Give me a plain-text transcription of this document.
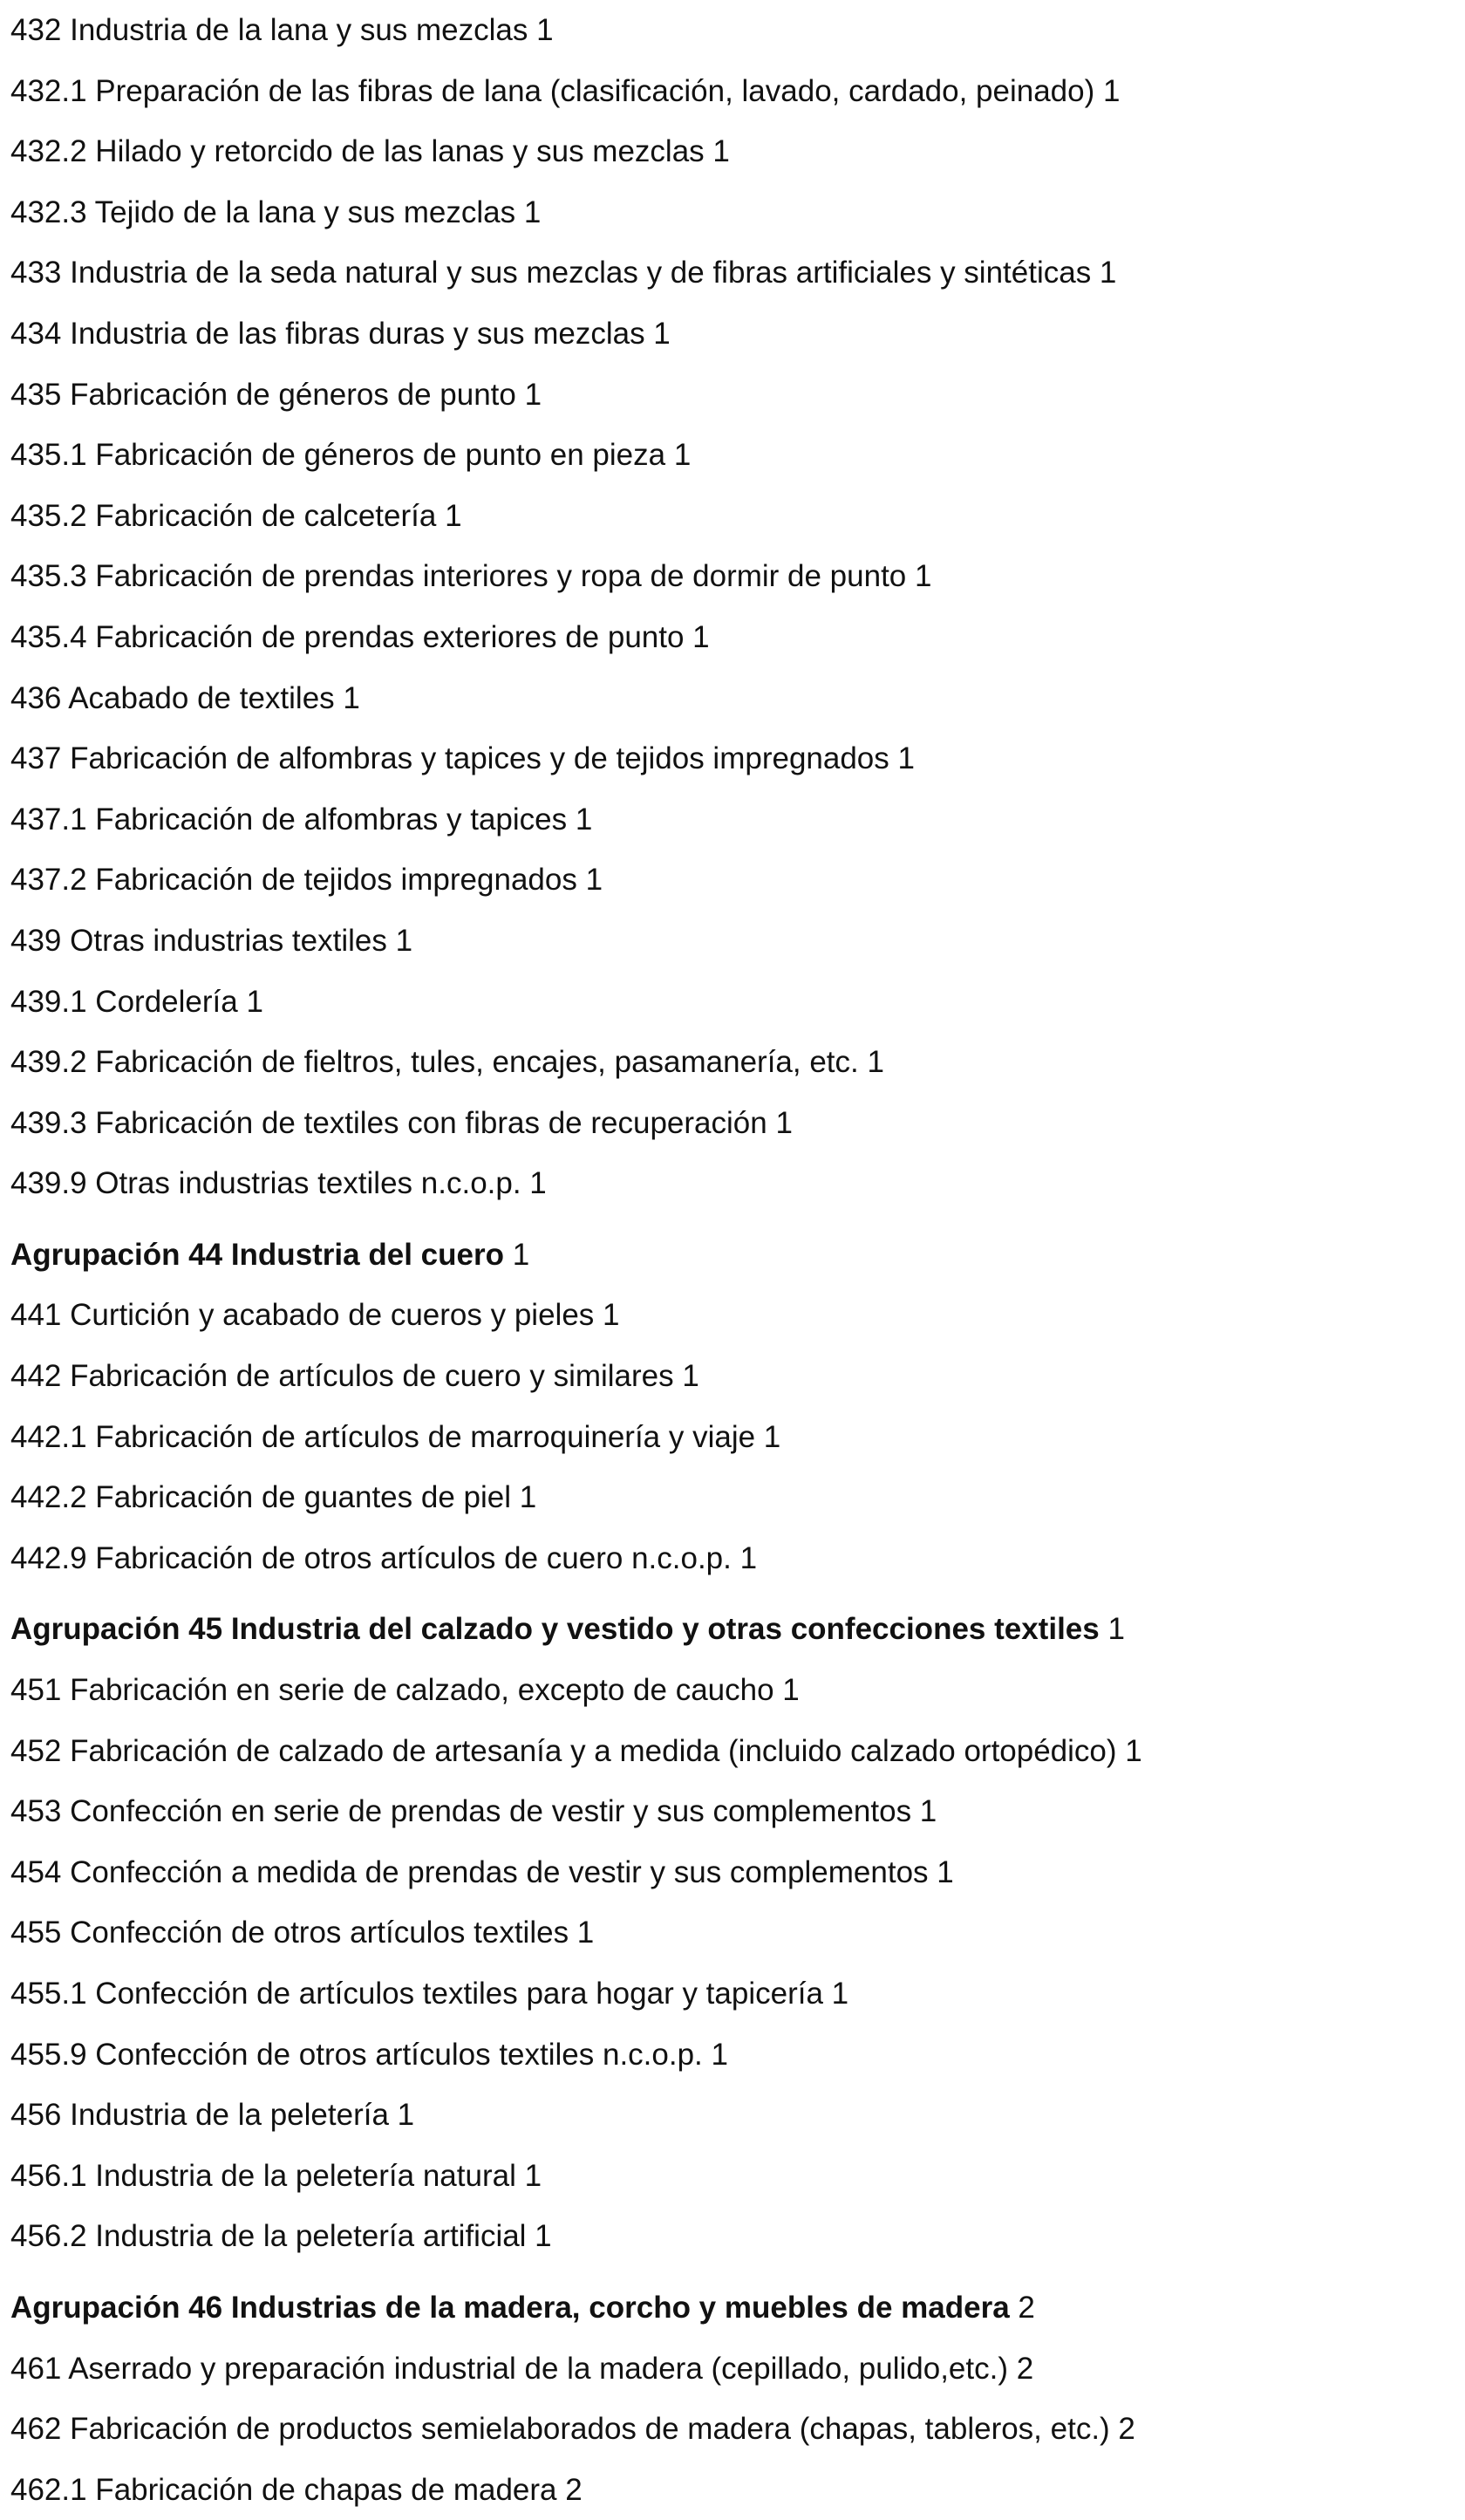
432 Industria de la lana y sus mezclas 1
432.1 Preparación de las fibras de lana (clasificación, lavado, cardado, peinado) 1
432.2 Hilado y retorcido de las lanas y sus mezclas 1
432.3 Tejido de la lana y sus mezclas 1
433 Industria de la seda natural y sus mezclas y de fibras artificiales y sintéticas 1
434 Industria de las fibras duras y sus mezclas 1
435 Fabricación de géneros de punto 1
435.1 Fabricación de géneros de punto en pieza 1
435.2 Fabricación de calcetería 1
435.3 Fabricación de prendas interiores y ropa de dormir de punto 1
435.4 Fabricación de prendas exteriores de punto 1
436 Acabado de textiles 1
437 Fabricación de alfombras y tapices y de tejidos impregnados 1
437.1 Fabricación de alfombras y tapices 1
437.2 Fabricación de tejidos impregnados 1
439 Otras industrias textiles 1
439.1 Cordelería 1
439.2 Fabricación de fieltros, tules, encajes, pasamanería, etc. 1
439.3 Fabricación de textiles con fibras de recuperación 1
439.9 Otras industrias textiles n.c.o.p. 1
Agrupación 44 Industria del cuero 1
441 Curtición y acabado de cueros y pieles 1
442 Fabricación de artículos de cuero y similares 1
442.1 Fabricación de artículos de marroquinería y viaje 1
442.2 Fabricación de guantes de piel 1
442.9 Fabricación de otros artículos de cuero n.c.o.p. 1
Agrupación 45 Industria del calzado y vestido y otras confecciones textiles 1
451 Fabricación en serie de calzado, excepto de caucho 1
452 Fabricación de calzado de artesanía y a medida (incluido calzado ortopédico) 1
453 Confección en serie de prendas de vestir y sus complementos 1
454 Confección a medida de prendas de vestir y sus complementos 1
455 Confección de otros artículos textiles 1
455.1 Confección de artículos textiles para hogar y tapicería 1
455.9 Confección de otros artículos textiles n.c.o.p. 1
456 Industria de la peletería 1
456.1 Industria de la peletería natural 1
456.2 Industria de la peletería artificial 1
Agrupación 46 Industrias de la madera, corcho y muebles de madera 2
461 Aserrado y preparación industrial de la madera (cepillado, pulido,etc.) 2
462 Fabricación de productos semielaborados de madera (chapas, tableros, etc.) 2
462.1 Fabricación de chapas de madera 2
